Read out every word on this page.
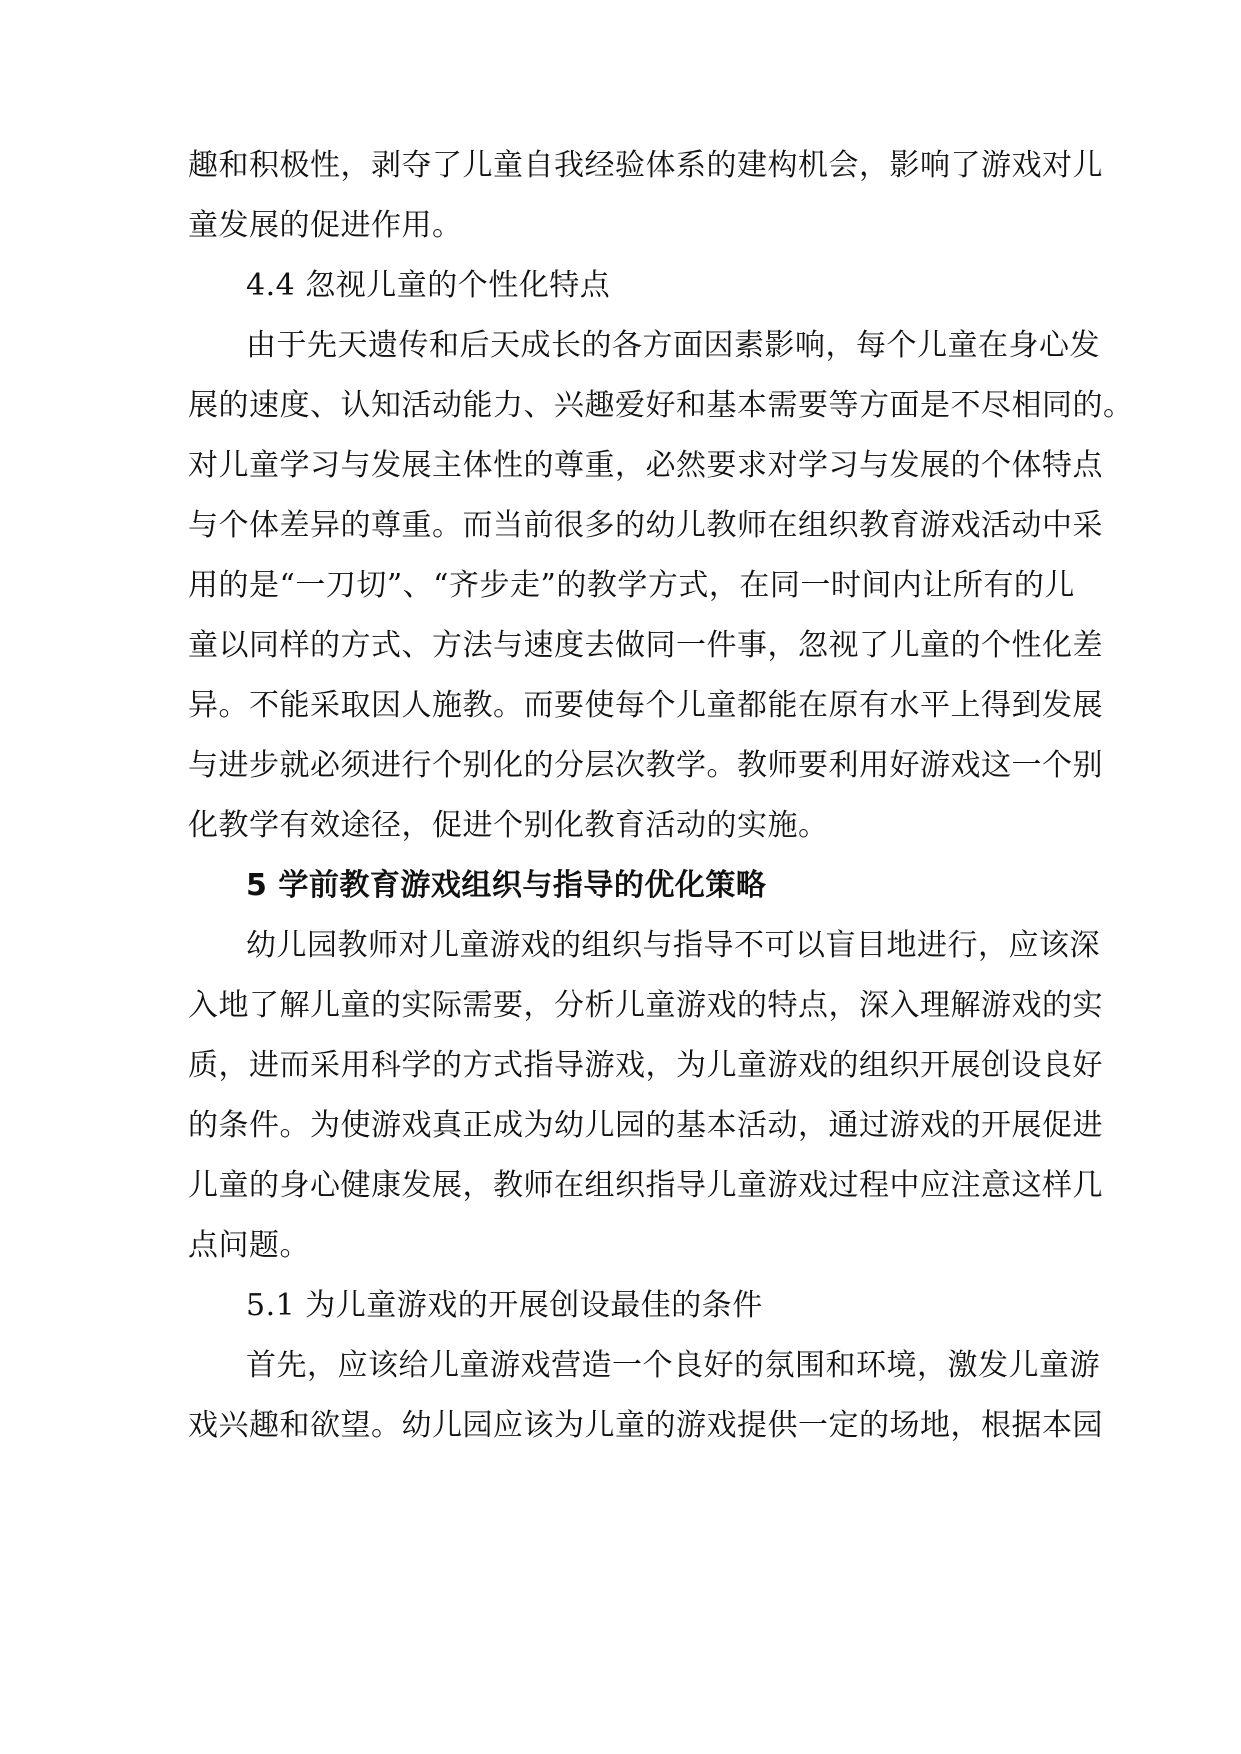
趣和积极性，剥夺了儿童自我经验体系的建构机会，影响了游戏对儿
童发展的促进作用。
4.4 忽视儿童的个性化特点
由于先天遗传和后天成长的各方面因素影响，每个儿童在身心发
展的速度、认知活动能力、兴趣爱好和基本需要等方面是不尽相同的。
对儿童学习与发展主体性的尊重，必然要求对学习与发展的个体特点
与个体差异的尊重。而当前很多的幼儿教师在组织教育游戏活动中采
用的是“一刀切”、“齐步走”的教学方式，在同一时间内让所有的儿
童以同样的方式、方法与速度去做同一件事，忽视了儿童的个性化差
异。不能采取因人施教。而要使每个儿童都能在原有水平上得到发展
与进步就必须进行个别化的分层次教学。教师要利用好游戏这一个别
化教学有效途径，促进个别化教育活动的实施。
5 学前教育游戏组织与指导的优化策略
幼儿园教师对儿童游戏的组织与指导不可以盲目地进行，应该深
入地了解儿童的实际需要，分析儿童游戏的特点，深入理解游戏的实
质，进而采用科学的方式指导游戏，为儿童游戏的组织开展创设良好
的条件。为使游戏真正成为幼儿园的基本活动，通过游戏的开展促进
儿童的身心健康发展，教师在组织指导儿童游戏过程中应注意这样几
点问题。
5.1 为儿童游戏的开展创设最佳的条件
首先，应该给儿童游戏营造一个良好的氛围和环境，激发儿童游
戏兴趣和欲望。幼儿园应该为儿童的游戏提供一定的场地，根据本园
